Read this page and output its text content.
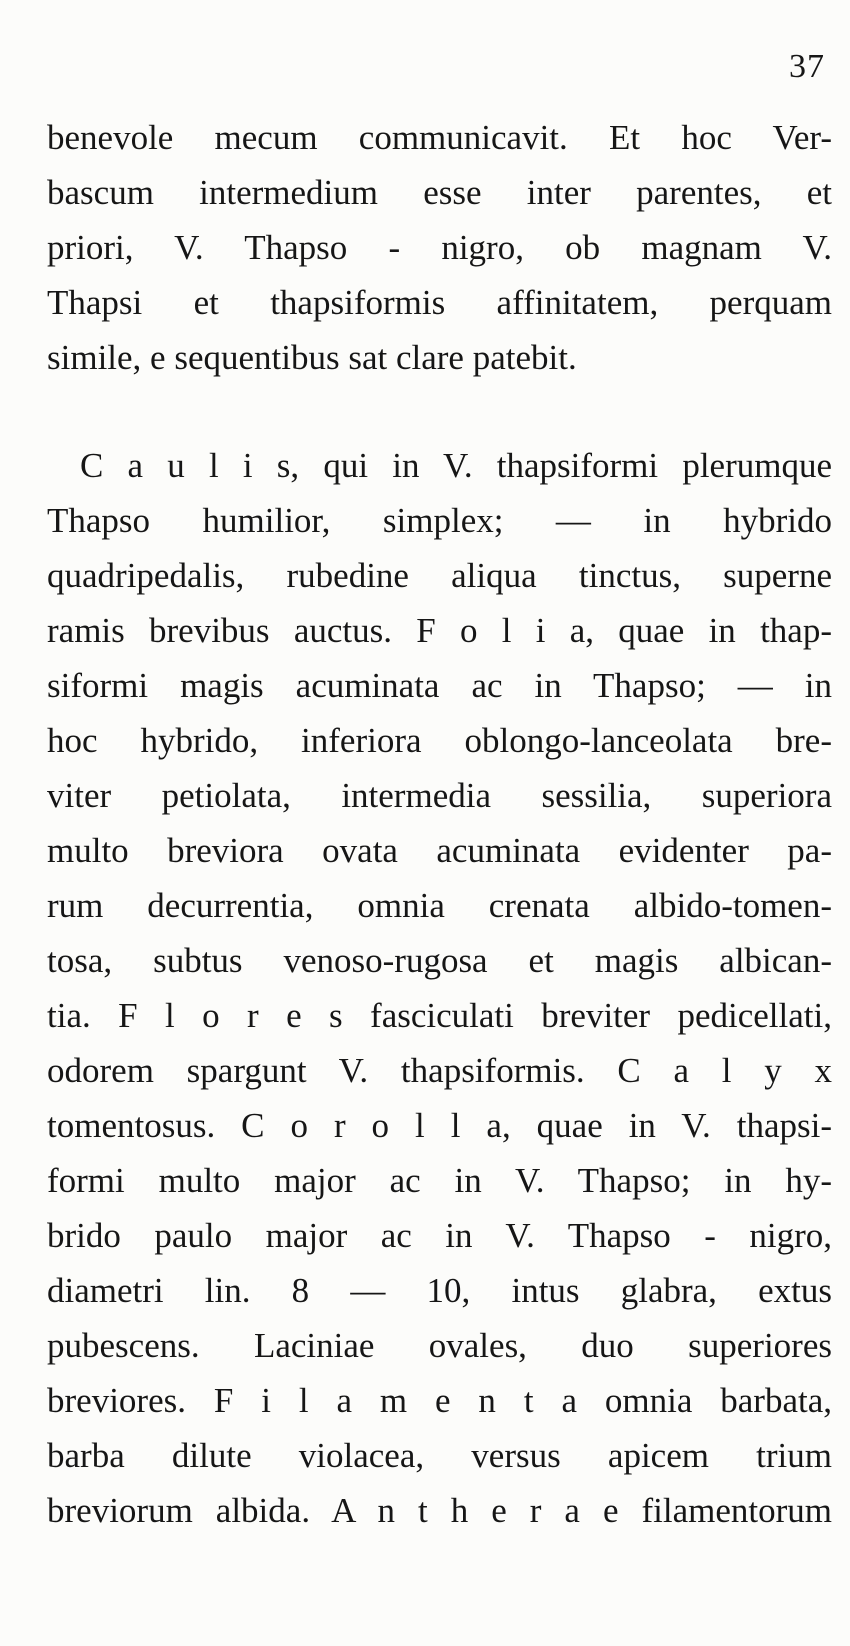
37
benevole mecum communicavit. Et hoc Ver-
bascum intermedium esse inter parentes, et
priori, V. Thapso - nigro, ob magnam V.
Thapsi et thapsiformis affinitatem, perquam
simile, e sequentibus sat clare patebit.
C a u l i s, qui in V. thapsiformi plerumque
Thapso humilior, simplex; — in hybrido
quadripedalis, rubedine aliqua tinctus, superne
ramis brevibus auctus. F o l i a, quae in thap-
siformi magis acuminata ac in Thapso; — in
hoc hybrido, inferiora oblongo-lanceolata bre-
viter petiolata, intermedia sessilia, superiora
multo breviora ovata acuminata evidenter pa-
rum decurrentia, omnia crenata albido-tomen-
tosa, subtus venoso-rugosa et magis albican-
tia. F l o r e s fasciculati breviter pedicellati,
odorem spargunt V. thapsiformis. C a l y x
tomentosus. C o r o l l a, quae in V. thapsi-
formi multo major ac in V. Thapso; in hy-
brido paulo major ac in V. Thapso - nigro,
diametri lin. 8 — 10, intus glabra, extus
pubescens. Laciniae ovales, duo superiores
breviores. F i l a m e n t a omnia barbata,
barba dilute violacea, versus apicem trium
breviorum albida. A n t h e r a e filamentorum
